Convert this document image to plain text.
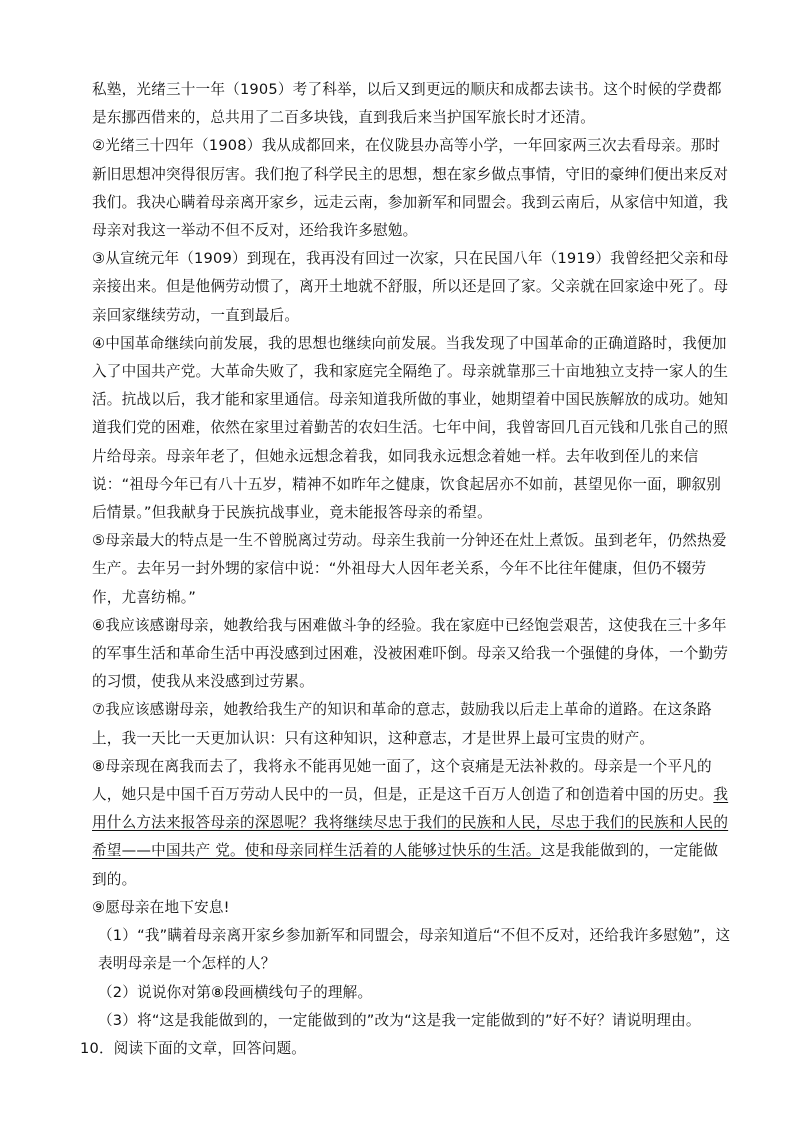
私塾，光绪三十一年（1905）考了科举，以后又到更远的顺庆和成都去读书。这个时候的学费都是东挪西借来的，总共用了二百多块钱，直到我后来当护国军旅长时才还清。

②光绪三十四年（1908）我从成都回来，在仪陇县办高等小学，一年回家两三次去看母亲。那时新旧思想冲突得很厉害。我们抱了科学民主的思想，想在家乡做点事情，守旧的豪绅们便出来反对我们。我决心瞒着母亲离开家乡，远走云南，参加新军和同盟会。我到云南后，从家信中知道，我母亲对我这一举动不但不反对，还给我许多慰勉。

③从宣统元年（1909）到现在，我再没有回过一次家，只在民国八年（1919）我曾经把父亲和母亲接出来。但是他俩劳动惯了，离开土地就不舒服，所以还是回了家。父亲就在回家途中死了。母亲回家继续劳动，一直到最后。

④中国革命继续向前发展，我的思想也继续向前发展。当我发现了中国革命的正确道路时，我便加入了中国共产党。大革命失败了，我和家庭完全隔绝了。母亲就靠那三十亩地独立支持一家人的生活。抗战以后，我才能和家里通信。母亲知道我所做的事业，她期望着中国民族解放的成功。她知道我们党的困难，依然在家里过着勤苦的农妇生活。七年中间，我曾寄回几百元钱和几张自己的照片给母亲。母亲年老了，但她永远想念着我，如同我永远想念着她一样。去年收到侄儿的来信说：“祖母今年已有八十五岁，精神不如昨年之健康，饮食起居亦不如前，甚望见你一面，聊叙别后情景。”但我献身于民族抗战事业，竟未能报答母亲的希望。

⑤母亲最大的特点是一生不曾脱离过劳动。母亲生我前一分钟还在灶上煮饭。虽到老年，仍然热爱生产。去年另一封外甥的家信中说：“外祖母大人因年老关系，今年不比往年健康，但仍不辍劳作，尤喜纺棉。”

⑥我应该感谢母亲，她教给我与困难做斗争的经验。我在家庭中已经饱尝艰苦，这使我在三十多年的军事生活和革命生活中再没感到过困难，没被困难吓倒。母亲又给我一个强健的身体，一个勤劳的习惯，使我从来没感到过劳累。

⑦我应该感谢母亲，她教给我生产的知识和革命的意志，鼓励我以后走上革命的道路。在这条路上，我一天比一天更加认识：只有这种知识，这种意志，才是世界上最可宝贵的财产。

⑧母亲现在离我而去了，我将永不能再见她一面了，这个哀痛是无法补救的。母亲是一个平凡的人，她只是中国千百万劳动人民中的一员，但是，正是这千百万人创造了和创造着中国的历史。我用什么方法来报答母亲的深恩呢？我将继续尽忠于我们的民族和人民，尽忠于我们的民族和人民的希望——中国共产 党。使和母亲同样生活着的人能够过快乐的生活。这是我能做到的，一定能做到的。

⑨愿母亲在地下安息!

（1）“我”瞒着母亲离开家乡参加新军和同盟会，母亲知道后“不但不反对，还给我许多慰勉”，这表明母亲是一个怎样的人？

（2）说说你对第⑧段画横线句子的理解。

（3）将“这是我能做到的，一定能做到的”改为“这是我一定能做到的”好不好？请说明理由。

10．阅读下面的文章，回答问题。
